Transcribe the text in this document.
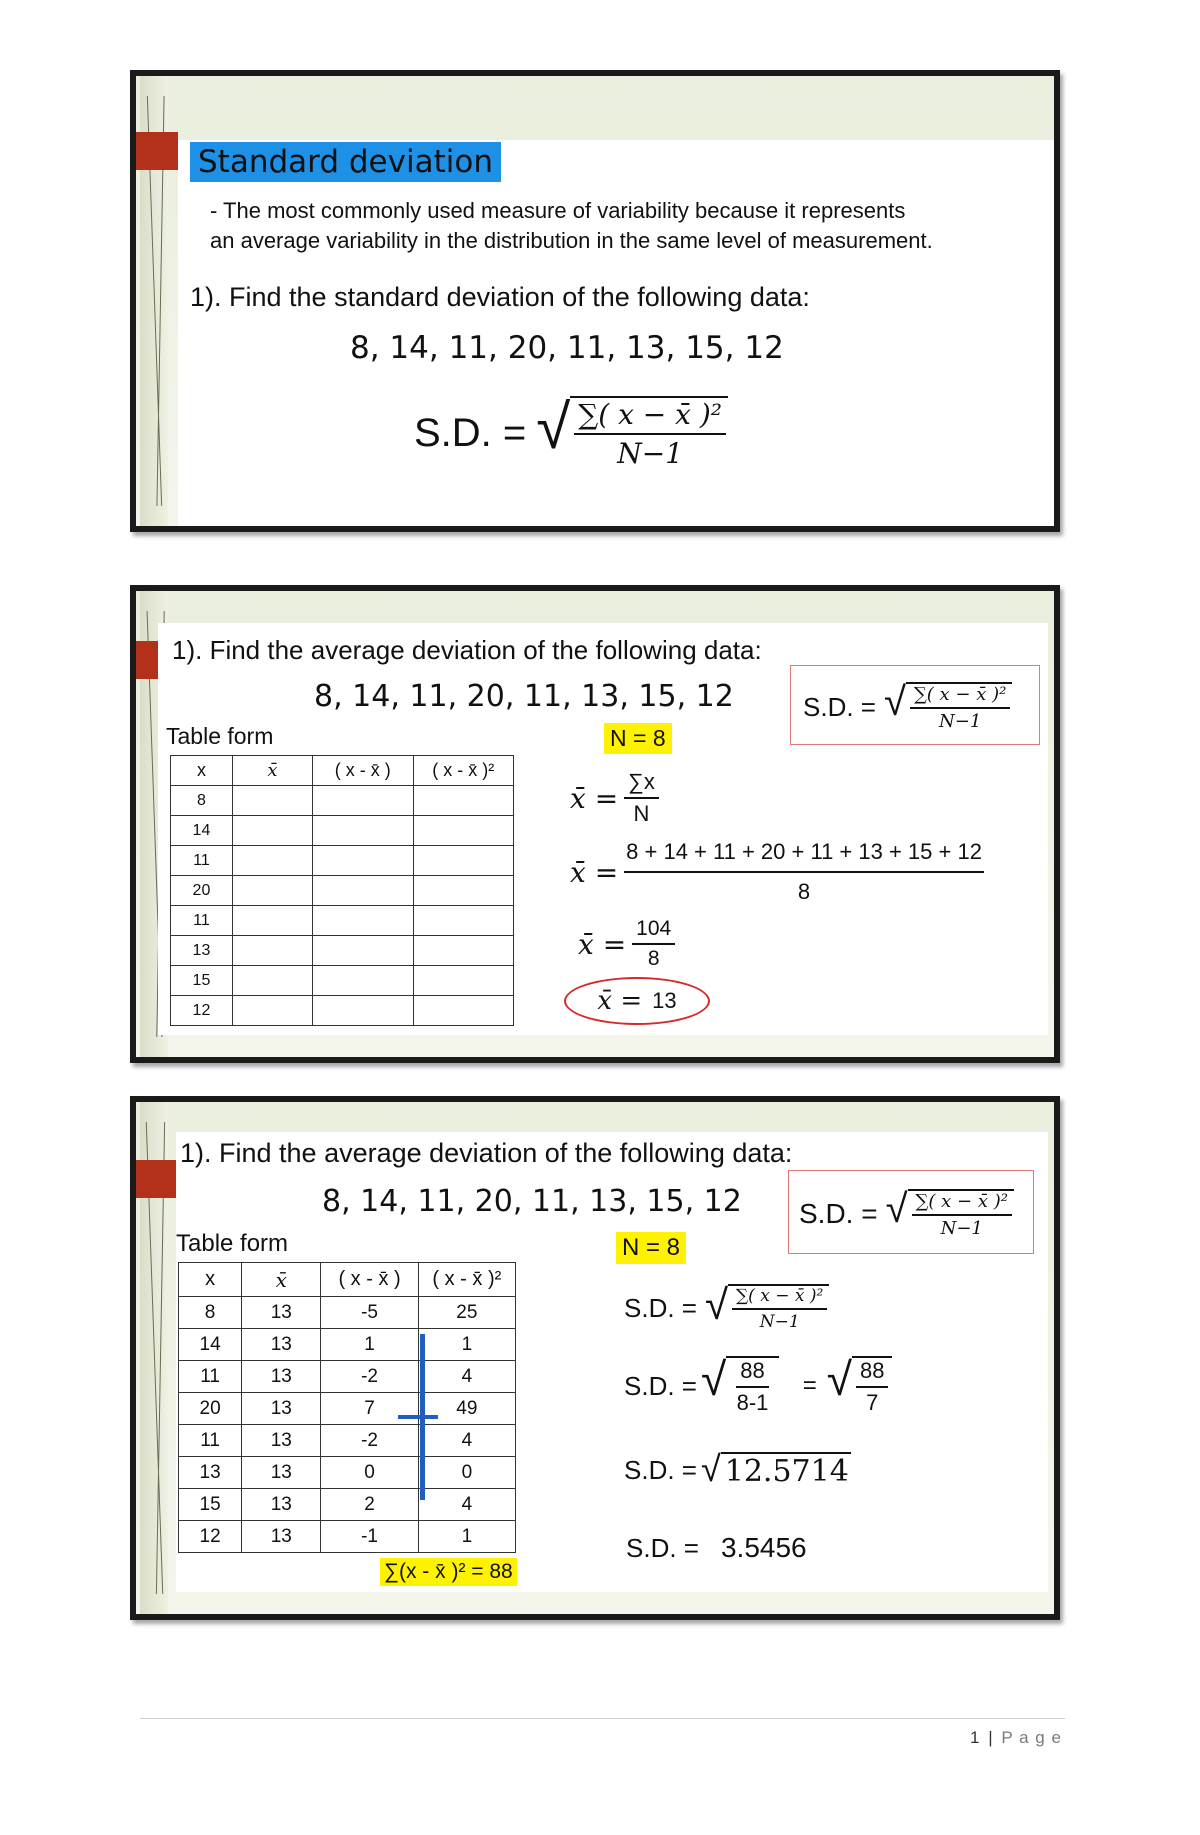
Standard deviation
- The most commonly used measure of variability because it represents
an average variability in the distribution in the same level of measurement.
1). Find the standard deviation of the following data:
8, 14, 11, 20, 11, 13, 15, 12
S.D. = √ $\frac{\text{∑( x − x̄ )²}}{N-1}$
1). Find the average deviation of the following data:
8, 14, 11, 20, 11, 13, 15, 12	S.D. = √ $\frac{\text{∑( x − x̄ )²}}{N-1}$
Table form	N = 8
x	x̄	( x - x̄ )	( x - x̄ )²
8			
14			
11			
20			
11			
13			
15			
12			
x̄ = $\frac{\sum x}{N}$
x̄ = $\frac{8 + 14 + 11 + 20 + 11 + 13 + 15 + 12}{8}$
x̄ = $\frac{104}{8}$
x̄ = 13
1). Find the average deviation of the following data:
8, 14, 11, 20, 11, 13, 15, 12 S.D. = √ $\frac{\text{∑( x − x̄ )²}}{N-1}$
Table form	N = 8
x	x̄	( x - x̄ )	( x - x̄ )²
8	13	-5	25
14	13	1	1
11	13	-2	4
20	13	7	49
11	13	-2	4
13	13	0	0
15	13	2	4
12	13	-1	1
∑(x - x̄ )² = 88
S.D. = √ $\frac{\text{∑( x − x̄ )²}}{N-1}$
S.D. = √ $\frac{88}{8-1}$ = √ $\frac{88}{7}$
S.D. = √ 12.5714
S.D. = 3.5456
1 | P a g e
